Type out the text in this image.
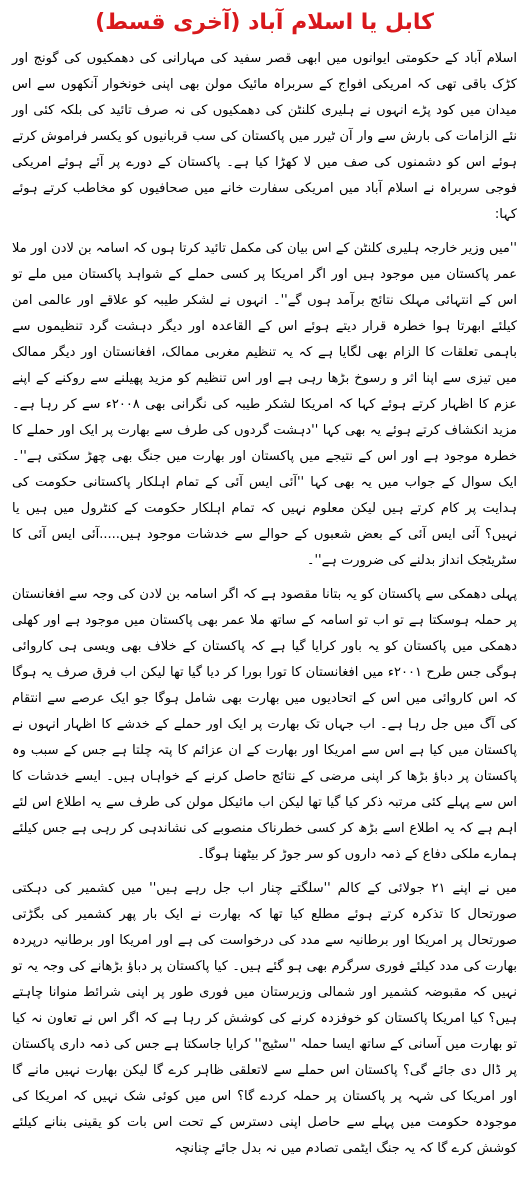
کابل یا اسلام آباد (آخری قسط)

اسلام آباد کے حکومتی ایوانوں میں ابھی قصر سفید کی مہارانی کی دھمکیوں کی گونج اور کڑک باقی تھی کہ امریکی افواج کے سربراہ مائیک مولن بھی اپنی خونخوار آنکھوں سے اس میدان میں کود پڑے انہوں نے ہلیری کلنٹن کی دھمکیوں کی نہ صرف تائید کی بلکہ کئی اور نئے الزامات کی بارش سے وار آن ٹیرر میں پاکستان کی سب قربانیوں کو یکسر فراموش کرتے ہوئے اس کو دشمنوں کی صف میں لا کھڑا کیا ہے۔ پاکستان کے دورے پر آئے ہوئے امریکی فوجی سربراہ نے اسلام آباد میں امریکی سفارت خانے میں صحافیوں کو مخاطب کرتے ہوئے کہا:

''میں وزیر خارجہ ہلیری کلنٹن کے اس بیان کی مکمل تائید کرتا ہوں کہ اسامہ بن لادن اور ملا عمر پاکستان میں موجود ہیں اور اگر امریکا پر کسی حملے کے شواہد پاکستان میں ملے تو اس کے انتہائی مہلک نتائج برآمد ہوں گے''۔ انہوں نے لشکر طیبہ کو علاقے اور عالمی امن کیلئے ابھرتا ہوا خطرہ قرار دیتے ہوئے اس کے القاعدہ اور دیگر دہشت گرد تنظیموں سے باہمی تعلقات کا الزام بھی لگایا ہے کہ یہ تنظیم مغربی ممالک، افغانستان اور دیگر ممالک میں تیزی سے اپنا اثر و رسوخ بڑھا رہی ہے اور اس تنظیم کو مزید پھیلنے سے روکنے کے اپنے عزم کا اظہار کرتے ہوئے کہا کہ امریکا لشکر طیبہ کی نگرانی بھی ۲۰۰۸ء سے کر رہا ہے۔ مزید انکشاف کرتے ہوئے یہ بھی کہا ''دہشت گردوں کی طرف سے بھارت پر ایک اور حملے کا خطرہ موجود ہے اور اس کے نتیجے میں پاکستان اور بھارت میں جنگ بھی چھڑ سکتی ہے''۔ ایک سوال کے جواب میں یہ بھی کہا ''آئی ایس آئی کے تمام اہلکار پاکستانی حکومت کی ہدایت پر کام کرتے ہیں لیکن معلوم نہیں کہ تمام اہلکار حکومت کے کنٹرول میں ہیں یا نہیں؟ آئی ایس آئی کے بعض شعبوں کے حوالے سے خدشات موجود ہیں.....آئی ایس آئی کا سٹریٹجک انداز بدلنے کی ضرورت ہے''۔

پہلی دھمکی سے پاکستان کو یہ بتانا مقصود ہے کہ اگر اسامہ بن لادن کی وجہ سے افغانستان پر حملہ ہوسکتا ہے تو اب تو اسامہ کے ساتھ ملا عمر بھی پاکستان میں موجود ہے اور کھلی دھمکی میں پاکستان کو یہ باور کرایا گیا ہے کہ پاکستان کے خلاف بھی ویسی ہی کاروائی ہوگی جس طرح ۲۰۰۱ء میں افغانستان کا تورا بورا کر دیا گیا تھا لیکن اب فرق صرف یہ ہوگا کہ اس کاروائی میں اس کے اتحادیوں میں بھارت بھی شامل ہوگا جو ایک عرصے سے انتقام کی آگ میں جل رہا ہے۔ اب جہاں تک بھارت پر ایک اور حملے کے خدشے کا اظہار انہوں نے پاکستان میں کیا ہے اس سے امریکا اور بھارت کے ان عزائم کا پتہ چلتا ہے جس کے سبب وہ پاکستان پر دباؤ بڑھا کر اپنی مرضی کے نتائج حاصل کرنے کے خواہاں ہیں۔ ایسے خدشات کا اس سے پہلے کئی مرتبہ ذکر کیا گیا تھا لیکن اب مائیکل مولن کی طرف سے یہ اطلاع اس لئے اہم ہے کہ یہ اطلاع اسے بڑھ کر کسی خطرناک منصوبے کی نشاندہی کر رہی ہے جس کیلئے ہمارے ملکی دفاع کے ذمہ داروں کو سر جوڑ کر بیٹھنا ہوگا۔

میں نے اپنے ۲۱ جولائی کے کالم ''سلگتے چنار اب جل رہے ہیں'' میں کشمیر کی دہکتی صورتحال کا تذکرہ کرتے ہوئے مطلع کیا تھا کہ بھارت نے ایک بار پھر کشمیر کی بگڑتی صورتحال پر امریکا اور برطانیہ سے مدد کی درخواست کی ہے اور امریکا اور برطانیہ درپردہ بھارت کی مدد کیلئے فوری سرگرم بھی ہو گئے ہیں۔ کیا پاکستان پر دباؤ بڑھانے کی وجہ یہ تو نہیں کہ مقبوضہ کشمیر اور شمالی وزیرستان میں فوری طور پر اپنی شرائط منوانا چاہتے ہیں؟ کیا امریکا پاکستان کو خوفزدہ کرنے کی کوشش کر رہا ہے کہ اگر اس نے تعاون نہ کیا تو بھارت میں آسانی کے ساتھ ایسا حملہ ''سٹیج'' کرایا جاسکتا ہے جس کی ذمہ داری پاکستان پر ڈال دی جائے گی؟ پاکستان اس حملے سے لاتعلقی ظاہر کرے گا لیکن بھارت نہیں مانے گا اور امریکا کی شہہ پر پاکستان پر حملہ کردے گا؟ اس میں کوئی شک نہیں کہ امریکا کی موجودہ حکومت میں پہلے سے حاصل اپنی دسترس کے تحت اس بات کو یقینی بنانے کیلئے کوشش کرے گا کہ یہ جنگ ایٹمی تصادم میں نہ بدل جائے چنانچہ
